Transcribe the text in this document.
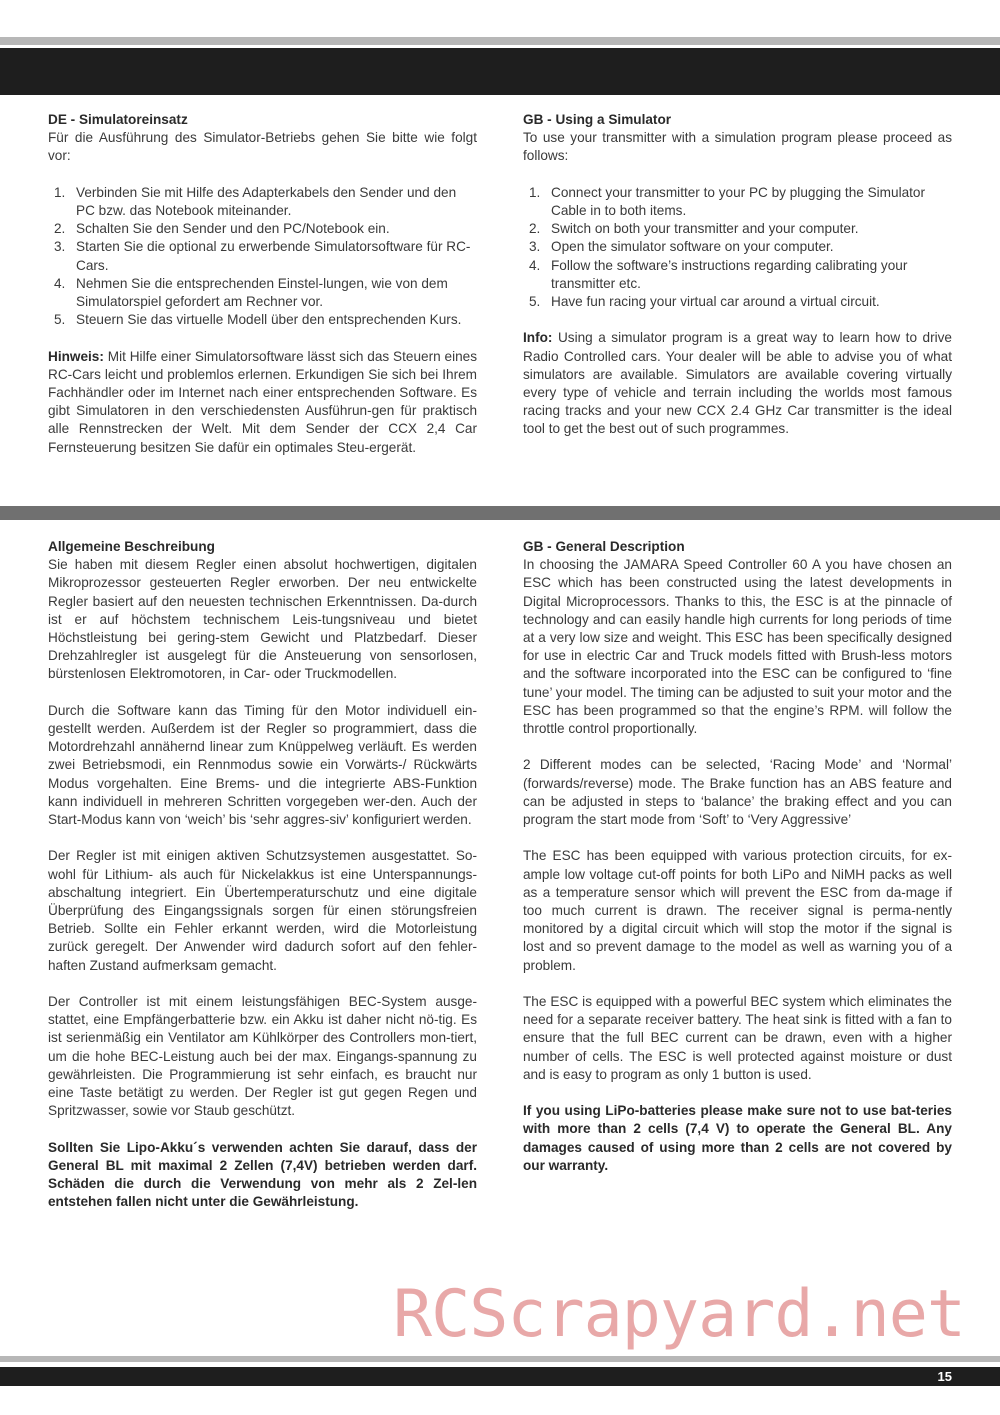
15

DE - Simulatoreinsatz

Für die Ausführung des Simulator-Betriebs gehen Sie bitte wie folgt vor:

1. Verbinden Sie mit Hilfe des Adapterkabels den Sender und den PC bzw. das Notebook miteinander.
2. Schalten Sie den Sender und den PC/Notebook ein.
3. Starten Sie die optional zu erwerbende Simulatorsoftware für RC-Cars.
4. Nehmen Sie die entsprechenden Einstel-lungen, wie von dem Simulatorspiel gefordert am Rechner vor.
5. Steuern Sie das virtuelle Modell über den entsprechenden Kurs.

Hinweis: Mit Hilfe einer Simulatorsoftware lässt sich das Steuern eines RC-Cars leicht und problemlos erlernen. Erkundigen Sie sich bei Ihrem Fachhändler oder im Internet nach einer entsprechenden Software. Es gibt Simulatoren in den verschiedensten Ausführun-gen für praktisch alle Rennstrecken der Welt. Mit dem Sender der CCX 2,4 Car Fernsteuerung besitzen Sie dafür ein optimales Steu-ergerät.

GB - Using a Simulator

To use your transmitter with a simulation program please proceed as follows:

1. Connect your transmitter to your PC by plugging the Simulator Cable in to both items.
2. Switch on both your transmitter and your computer.
3. Open the simulator software on your computer.
4. Follow the software’s instructions regarding calibrating your transmitter etc.
5. Have fun racing your virtual car around a virtual circuit.

Info: Using a simulator program is a great way to learn how to drive Radio Controlled cars. Your dealer will be able to advise you of what simulators are available. Simulators are available covering virtually every type of vehicle and terrain including the worlds most famous racing tracks and your new CCX 2.4 GHz Car transmitter is the ideal tool to get the best out of such programmes.

Allgemeine Beschreibung

Sie haben mit diesem Regler einen absolut hochwertigen, digitalen Mikroprozessor gesteuerten Regler erworben. Der neu entwickelte Regler basiert auf den neuesten technischen Erkenntnissen. Da-durch ist er auf höchstem technischem Leis-tungsniveau und bietet Höchstleistung bei gering-stem Gewicht und Platzbedarf. Dieser Drehzahlregler ist ausgelegt für die Ansteuerung von sensorlosen, bürstenlosen Elektromotoren, in Car- oder Truckmodellen.

Durch die Software kann das Timing für den Motor individuell ein-gestellt werden. Außerdem ist der Regler so programmiert, dass die Motordrehzahl annähernd linear zum Knüppelweg verläuft. Es werden zwei Betriebsmodi, ein Rennmodus sowie ein Vorwärts-/ Rückwärts Modus vorgehalten. Eine Brems- und die integrierte ABS-Funktion kann individuell in mehreren Schritten vorgegeben wer-den. Auch der Start-Modus kann von ‘weich’ bis ‘sehr aggres-siv’ konfiguriert werden.

Der Regler ist mit einigen aktiven Schutzsystemen ausgestattet. So-wohl für Lithium- als auch für Nickelakkus ist eine Unterspannungs-abschaltung integriert. Ein Übertemperaturschutz und eine digitale Überprüfung des Eingangssignals sorgen für einen störungsfreien Betrieb. Sollte ein Fehler erkannt werden, wird die Motorleistung zurück geregelt. Der Anwender wird dadurch sofort auf den fehler-haften Zustand aufmerksam gemacht.

Der Controller ist mit einem leistungsfähigen BEC-System ausge-stattet, eine Empfängerbatterie bzw. ein Akku ist daher nicht nö-tig. Es ist serienmäßig ein Ventilator am Kühlkörper des Controllers mon-tiert, um die hohe BEC-Leistung auch bei der max. Eingangs-spannung zu gewährleisten. Die Programmierung ist sehr einfach, es braucht nur eine Taste betätigt zu werden. Der Regler ist gut gegen Regen und Spritzwasser, sowie vor Staub geschützt.

Sollten Sie Lipo-Akku´s verwenden achten Sie darauf, dass der General BL mit maximal 2 Zellen (7,4V) betrieben werden darf. Schäden die durch die Verwendung von mehr als 2 Zel-len entstehen fallen nicht unter die Gewährleistung.

GB - General Description

In choosing the JAMARA Speed Controller 60 A you have chosen an ESC which has been constructed using the latest developments in Digital Microprocessors. Thanks to this, the ESC is at the pinnacle of technology and can easily handle high currents for long periods of time at a very low size and weight. This ESC has been specifically designed for use in electric Car and Truck models fitted with Brush-less motors and the software incorporated into the ESC can be configured to ‘fine tune’ your model. The timing can be adjusted to suit your motor and the ESC has been programmed so that the engine’s RPM. will follow the throttle control proportionally.

2 Different modes can be selected, ‘Racing Mode’ and ‘Normal’ (forwards/reverse) mode. The Brake function has an ABS feature and can be adjusted in steps to ‘balance’ the braking effect and you can program the start mode from ‘Soft’ to ‘Very Aggressive’

The ESC has been equipped with various protection circuits, for ex-ample low voltage cut-off points for both LiPo and NiMH packs as well as a temperature sensor which will prevent the ESC from da-mage if too much current is drawn. The receiver signal is perma-nently monitored by a digital circuit which will stop the motor if the signal is lost and so prevent damage to the model as well as warning you of a problem.

The ESC is equipped with a powerful BEC system which eliminates the need for a separate receiver battery. The heat sink is fitted with a fan to ensure that the full BEC current can be drawn, even with a higher number of cells. The ESC is well protected against moisture or dust and is easy to program as only 1 button is used.

If you using LiPo-batteries please make sure not to use bat-teries with more than 2 cells (7,4 V) to operate the General BL. Any damages caused of using more than 2 cells are not covered by our warranty.

RCScrapyard.net
